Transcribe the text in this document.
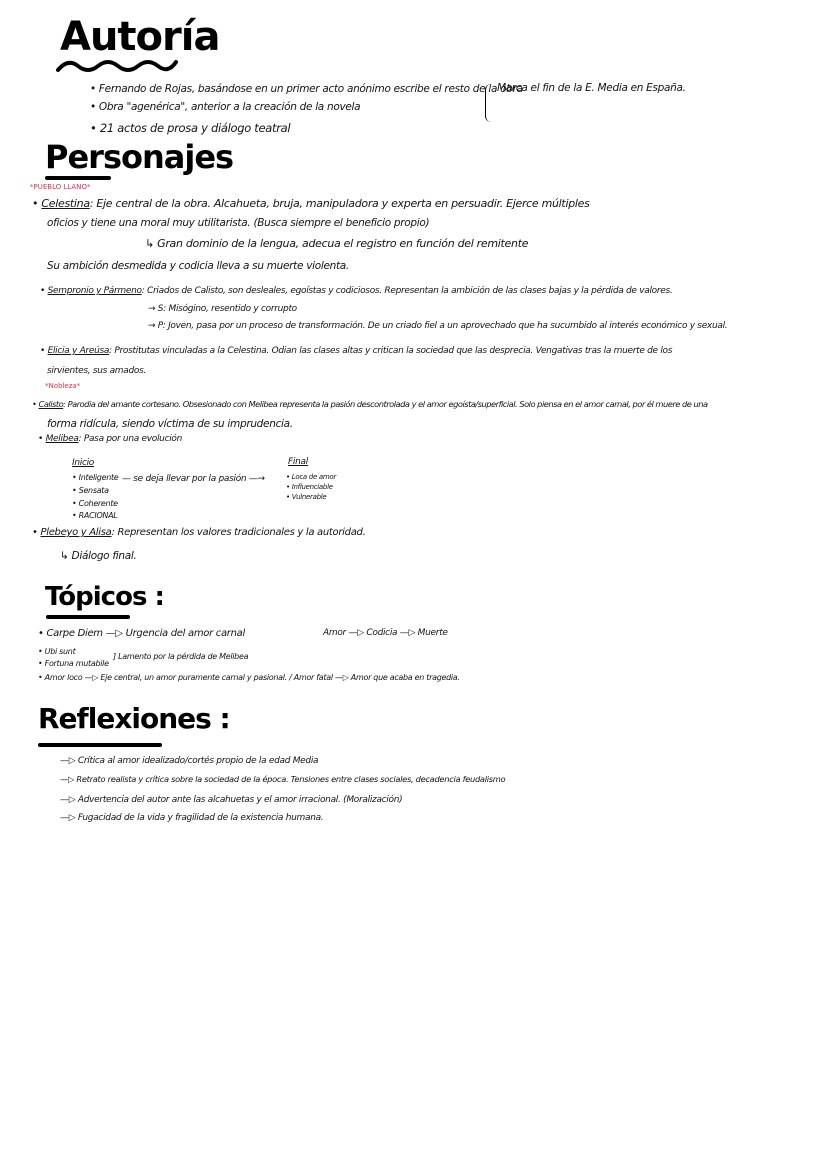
Autoría
• Fernando de Rojas, basándose en un primer acto anónimo escribe el resto de la obra
• Obra "agenérica", anterior a la creación de la novela
• 21 actos de prosa y diálogo teatral
Marca el fin de la E. Media en España.
Personajes
*PUEBLO LLANO*
• Celestina: Eje central de la obra. Alcahueta, bruja, manipuladora y experta en persuadir. Ejerce múltiples
oficios y tiene una moral muy utilitarista. (Busca siempre el beneficio propio)
↳ Gran dominio de la lengua, adecua el registro en función del remitente
Su ambición desmedida y codicia lleva a su muerte violenta.
• Sempronio y Pármeno: Criados de Calisto, son desleales, egoístas y codiciosos. Representan la ambición de las clases bajas y la pérdida de valores.
→ S: Misógino, resentido y corrupto
→ P: Joven, pasa por un proceso de transformación. De un criado fiel a un aprovechado que ha sucumbido al interés económico y sexual.
• Elicia y Areúsa: Prostitutas vinculadas a la Celestina. Odian las clases altas y critican la sociedad que las desprecia. Vengativas tras la muerte de los
sirvientes, sus amados.
*Nobleza*
• Calisto: Parodia del amante cortesano. Obsesionado con Melibea representa la pasión descontrolada y el amor egoísta/superficial. Solo piensa en el amor carnal, por él muere de una
forma ridícula, siendo víctima de su imprudencia.
• Melibea: Pasa por una evolución
Inicio
• Inteligente
• Sensata
• Coherente
• RACIONAL
— se deja llevar por la pasión —→
Final
• Loca de amor
• Influenciable
• Vulnerable
• Plebeyo y Alisa: Representan los valores tradicionales y la autoridad.
↳ Diálogo final.
Tópicos :
• Carpe Diem —▷ Urgencia del amor carnal	Amor —▷ Codicia —▷ Muerte
• Ubi sunt
• Fortuna mutabile
] Lamento por la pérdida de Melibea
• Amor loco —▷ Eje central, un amor puramente carnal y pasional. / Amor fatal —▷ Amor que acaba en tragedia.
Reflexiones :
—▷ Crítica al amor idealizado/cortés propio de la edad Media
—▷ Retrato realista y crítica sobre la sociedad de la época. Tensiones entre clases sociales, decadencia feudalismo
—▷ Advertencia del autor ante las alcahuetas y el amor irracional. (Moralización)
—▷ Fugacidad de la vida y fragilidad de la existencia humana.
